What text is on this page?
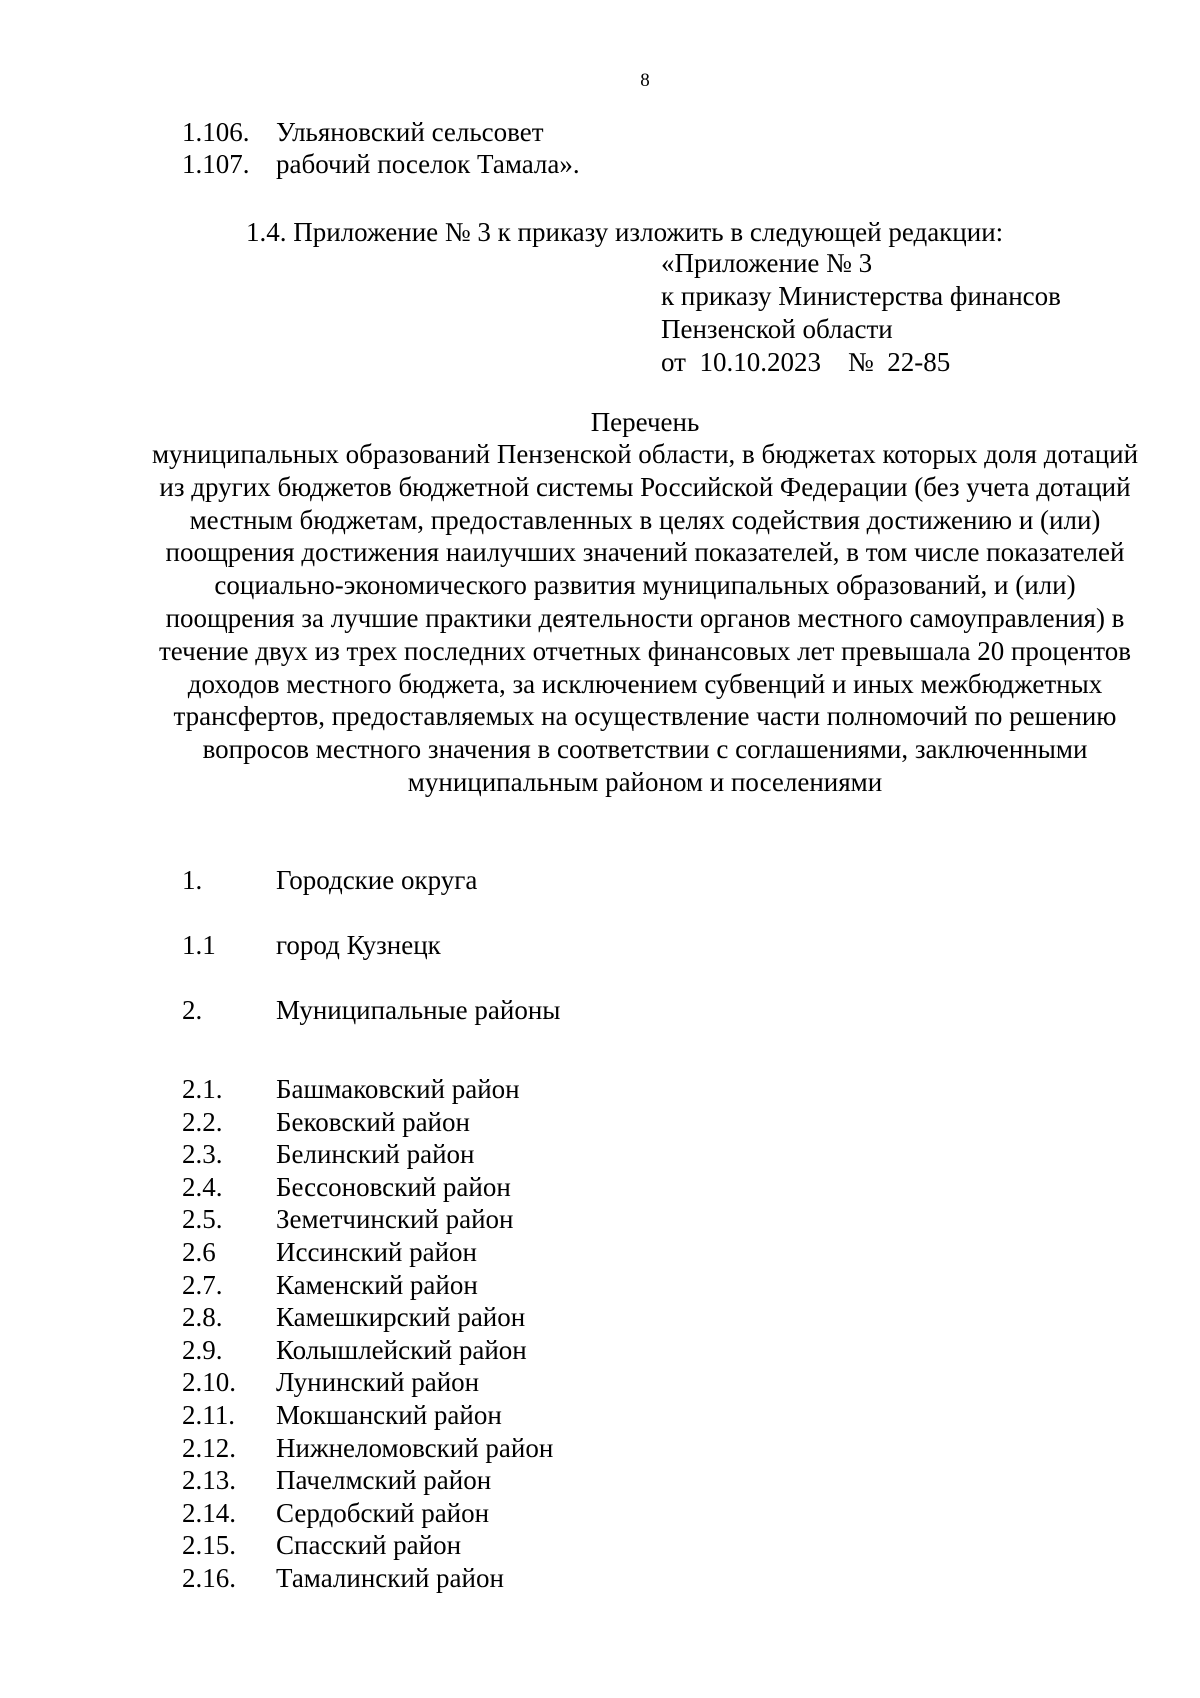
8
1.106. Ульяновский сельсовет
1.107. рабочий поселок Тамала».
1.4. Приложение № 3 к приказу изложить в следующей редакции:
«Приложение № 3
к приказу Министерства финансов
Пензенской области
от  10.10.2023    №  22-85
Перечень
муниципальных образований Пензенской области, в бюджетах которых доля дотаций из других бюджетов бюджетной системы Российской Федерации (без учета дотаций местным бюджетам, предоставленных в целях содействия достижению и (или) поощрения достижения наилучших значений показателей, в том числе показателей социально-экономического развития муниципальных образований, и (или) поощрения за лучшие практики деятельности органов местного самоуправления) в течение двух из трех последних отчетных финансовых лет превышала 20 процентов доходов местного бюджета, за исключением субвенций и иных межбюджетных трансфертов, предоставляемых на осуществление части полномочий по решению вопросов местного значения в соответствии с соглашениями, заключенными муниципальным районом и поселениями
1.	Городские округа
1.1 город Кузнецк
2.	Муниципальные районы
2.1. Башмаковский район
2.2. Бековский район
2.3. Белинский район
2.4. Бессоновский район
2.5. Земетчинский район
2.6 Иссинский район
2.7. Каменский район
2.8. Камешкирский район
2.9. Колышлейский район
2.10. Лунинский район
2.11. Мокшанский район
2.12. Нижнеломовский район
2.13. Пачелмский район
2.14. Сердобский район
2.15. Спасский район
2.16. Тамалинский район
